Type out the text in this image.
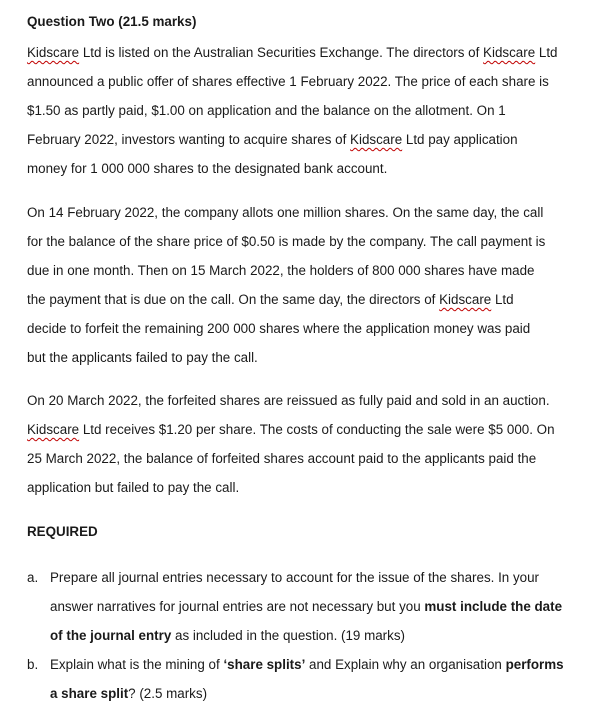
Question Two (21.5 marks)

Kidscare Ltd is listed on the Australian Securities Exchange. The directors of Kidscare Ltd

announced a public offer of shares effective 1 February 2022. The price of each share is

$1.50 as partly paid, $1.00 on application and the balance on the allotment. On 1

February 2022, investors wanting to acquire shares of Kidscare Ltd pay application

money for 1 000 000 shares to the designated bank account.

On 14 February 2022, the company allots one million shares. On the same day, the call

for the balance of the share price of $0.50 is made by the company. The call payment is

due in one month. Then on 15 March 2022, the holders of 800 000 shares have made

the payment that is due on the call. On the same day, the directors of Kidscare Ltd

decide to forfeit the remaining 200 000 shares where the application money was paid

but the applicants failed to pay the call.

On 20 March 2022, the forfeited shares are reissued as fully paid and sold in an auction.

Kidscare Ltd receives $1.20 per share. The costs of conducting the sale were $5 000. On

25 March 2022, the balance of forfeited shares account paid to the applicants paid the

application but failed to pay the call.

REQUIRED
a. Prepare all journal entries necessary to account for the issue of the shares. In your

answer narratives for journal entries are not necessary but you must include the date

of the journal entry as included in the question. (19 marks)

b. Explain what is the mining of ‘share splits’ and Explain why an organisation performs

a share split? (2.5 marks)
